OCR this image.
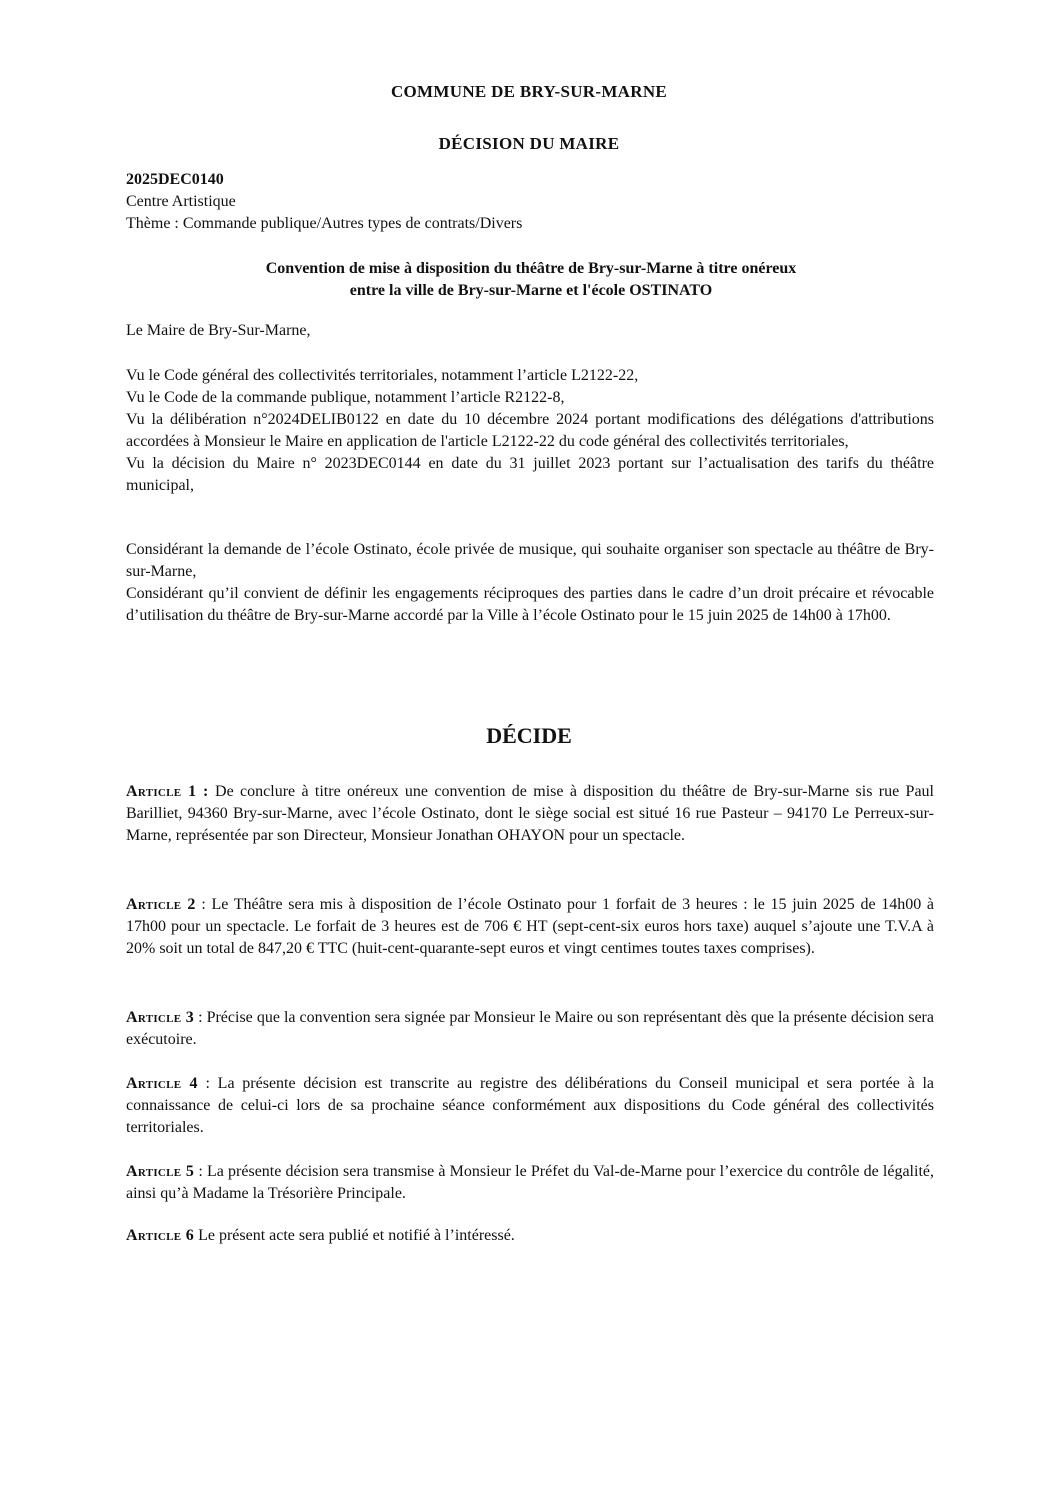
COMMUNE DE BRY-SUR-MARNE
DÉCISION DU MAIRE
2025DEC0140
Centre Artistique
Thème : Commande publique/Autres types de contrats/Divers
Convention de mise à disposition du théâtre de Bry-sur-Marne à titre onéreux
entre la ville de Bry-sur-Marne et l'école OSTINATO
Le Maire de Bry-Sur-Marne,

Vu le Code général des collectivités territoriales, notamment l’article L2122-22,

Vu le Code de la commande publique, notamment l’article R2122-8,

Vu la délibération n°2024DELIB0122 en date du 10 décembre 2024 portant modifications des délégations d'attributions accordées à Monsieur le Maire en application de l'article L2122-22 du code général des collectivités territoriales,

Vu la décision du Maire n° 2023DEC0144 en date du 31 juillet 2023 portant sur l’actualisation des tarifs du théâtre municipal,

Considérant la demande de l’école Ostinato, école privée de musique, qui souhaite organiser son spectacle au théâtre de Bry-sur-Marne,

Considérant qu’il convient de définir les engagements réciproques des parties dans le cadre d’un droit précaire et révocable d’utilisation du théâtre de Bry-sur-Marne accordé par la Ville à l’école Ostinato pour le 15 juin 2025 de 14h00 à 17h00.

DÉCIDE
Article 1 : De conclure à titre onéreux une convention de mise à disposition du théâtre de Bry-sur-Marne sis rue Paul Barilliet, 94360 Bry-sur-Marne, avec l’école Ostinato, dont le siège social est situé 16 rue Pasteur – 94170 Le Perreux-sur-Marne, représentée par son Directeur, Monsieur Jonathan OHAYON pour un spectacle.
Article 2 : Le Théâtre sera mis à disposition de l’école Ostinato pour 1 forfait de 3 heures : le 15 juin 2025 de 14h00 à 17h00 pour un spectacle. Le forfait de 3 heures est de 706 € HT (sept-cent-six euros hors taxe) auquel s’ajoute une T.V.A à 20% soit un total de 847,20 € TTC (huit-cent-quarante-sept euros et vingt centimes toutes taxes comprises).
Article 3 : Précise que la convention sera signée par Monsieur le Maire ou son représentant dès que la présente décision sera exécutoire.
Article 4 : La présente décision est transcrite au registre des délibérations du Conseil municipal et sera portée à la connaissance de celui-ci lors de sa prochaine séance conformément aux dispositions du Code général des collectivités territoriales.
Article 5 : La présente décision sera transmise à Monsieur le Préfet du Val-de-Marne pour l’exercice du contrôle de légalité, ainsi qu’à Madame la Trésorière Principale.
Article 6 Le présent acte sera publié et notifié à l’intéressé.
